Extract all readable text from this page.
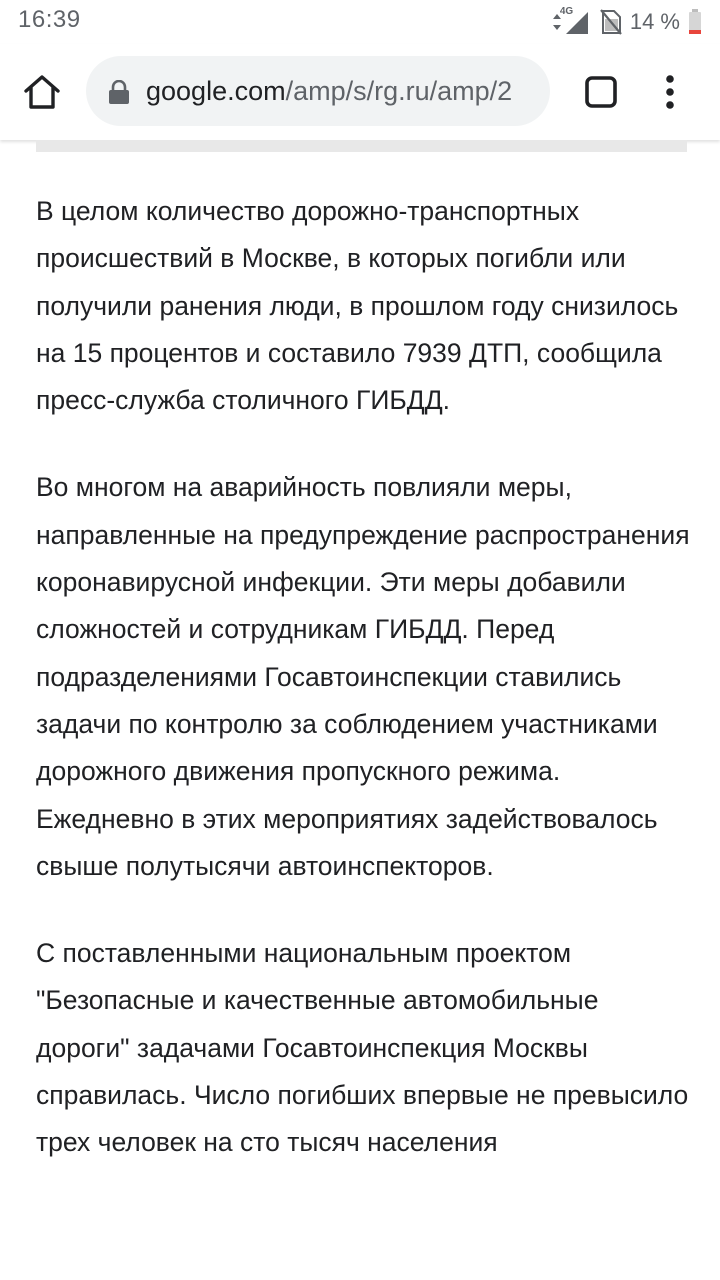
16:39	4G	14 %
google.com/amp/s/rg.ru/amp/2

В целом количество дорожно-транспортных происшествий в Москве, в которых погибли или получили ранения люди, в прошлом году снизилось на 15 процентов и составило 7939 ДТП, сообщила пресс-служба столичного ГИБДД.

Во многом на аварийность повлияли меры, направленные на предупреждение распространения коронавирусной инфекции. Эти меры добавили сложностей и сотрудникам ГИБДД. Перед подразделениями Госавтоинспекции ставились задачи по контролю за соблюдением участниками дорожного движения пропускного режима. Ежедневно в этих мероприятиях задействовалось свыше полутысячи автоинспекторов.

С поставленными национальным проектом "Безопасные и качественные автомобильные дороги" задачами Госавтоинспекция Москвы справилась. Число погибших впервые не превысило трех человек на сто тысяч населения
